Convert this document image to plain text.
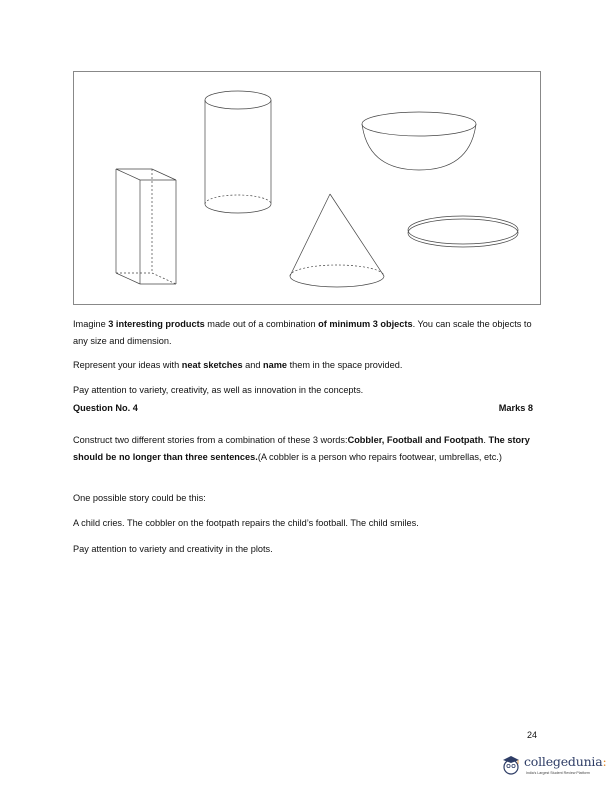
Imagine 3 interesting products made out of a combination of minimum 3 objects. You can scale the objects to any size and dimension.

Represent your ideas with neat sketches and name them in the space provided.

Pay attention to variety, creativity, as well as innovation in the concepts.

Question No. 4	Marks 8

Construct two different stories from a combination of these 3 words:Cobbler, Football and Footpath. The story should be no longer than three sentences.(A cobbler is a person who repairs footwear, umbrellas, etc.)

One possible story could be this:

A child cries. The cobbler on the footpath repairs the child’s football. The child smiles.

Pay attention to variety and creativity in the plots.

24
collegedunia:
India's Largest Student Review Platform
